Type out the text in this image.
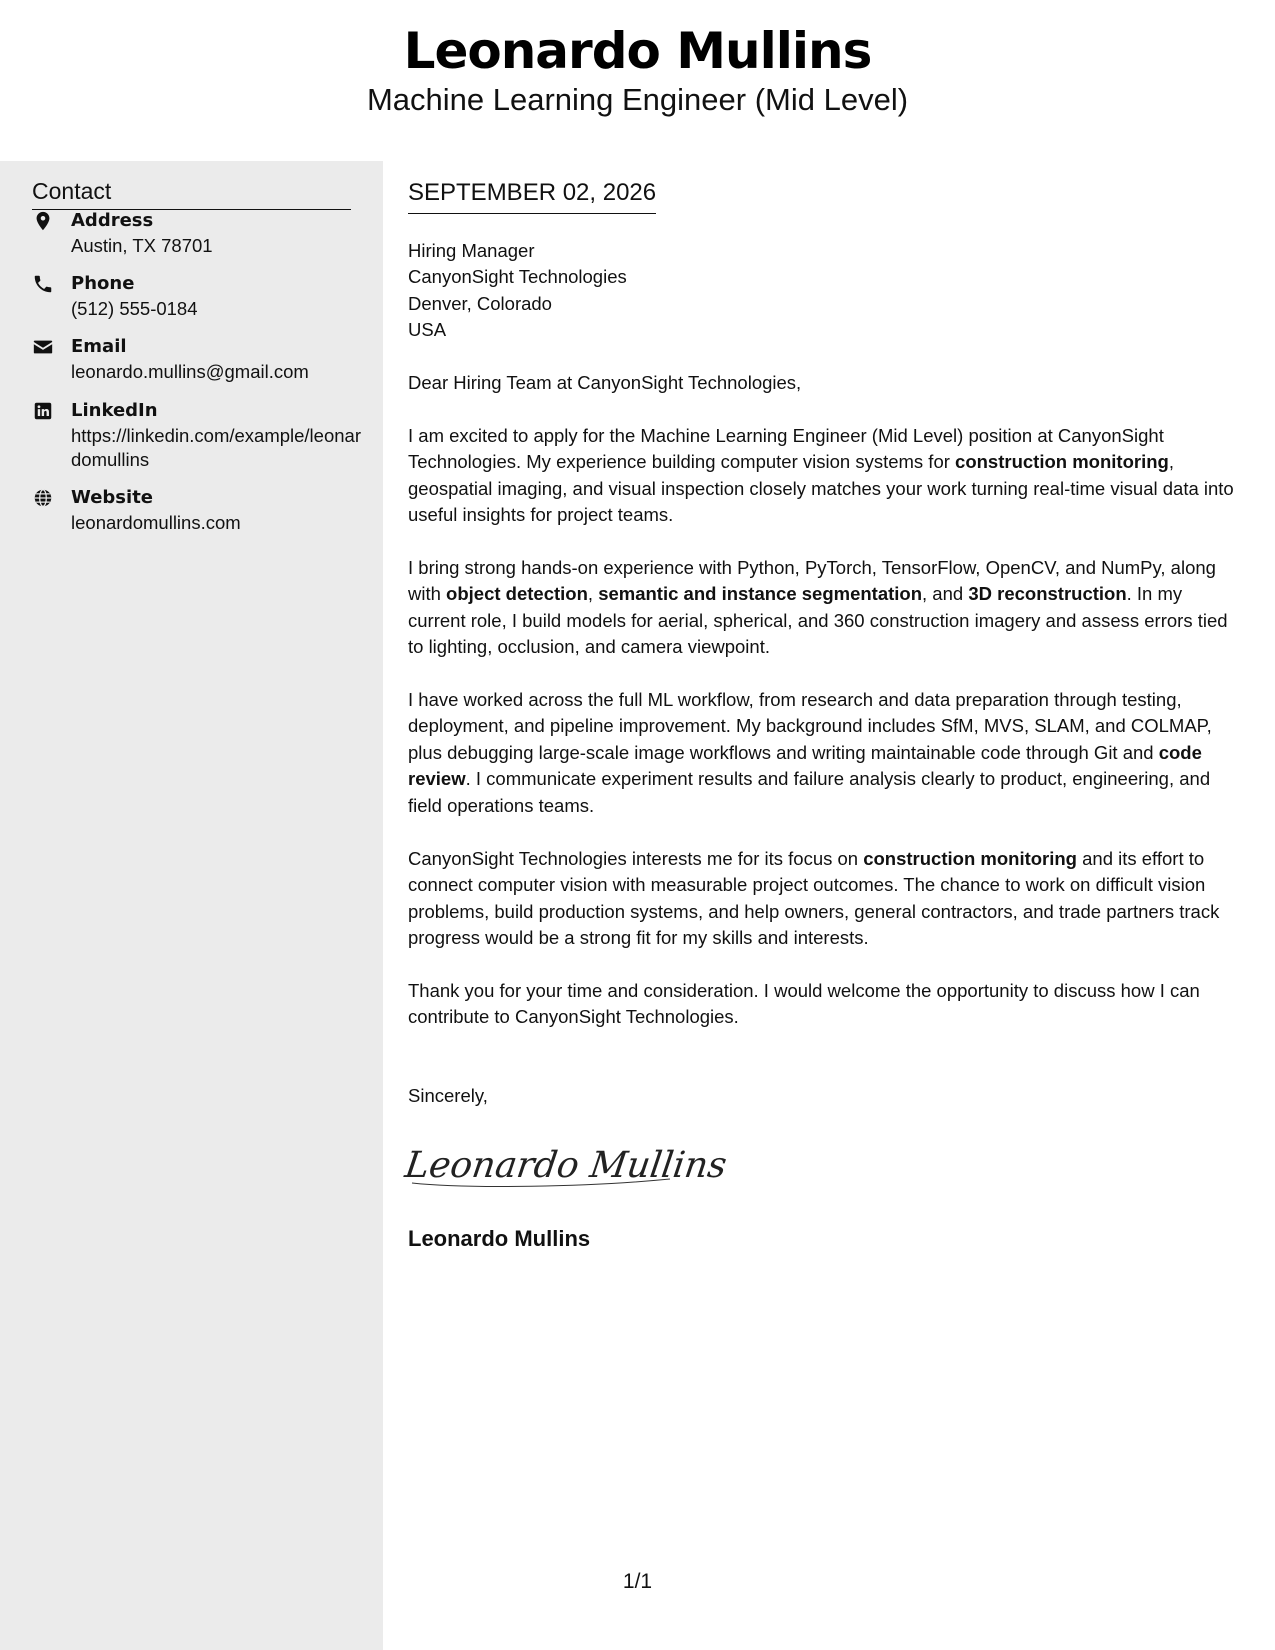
Leonardo Mullins
Machine Learning Engineer (Mid Level)
Contact
Address
Austin, TX 78701
Phone
(512) 555-0184
Email
leonardo.mullins@gmail.com
LinkedIn
https://linkedin.com/example/leonardomullins
Website
leonardomullins.com
SEPTEMBER 02, 2026
Hiring Manager
CanyonSight Technologies
Denver, Colorado
USA
Dear Hiring Team at CanyonSight Technologies,

I am excited to apply for the Machine Learning Engineer (Mid Level) position at CanyonSight Technologies. My experience building computer vision systems for construction monitoring, geospatial imaging, and visual inspection closely matches your work turning real-time visual data into useful insights for project teams.

I bring strong hands-on experience with Python, PyTorch, TensorFlow, OpenCV, and NumPy, along with object detection, semantic and instance segmentation, and 3D reconstruction. In my current role, I build models for aerial, spherical, and 360 construction imagery and assess errors tied to lighting, occlusion, and camera viewpoint.

I have worked across the full ML workflow, from research and data preparation through testing, deployment, and pipeline improvement. My background includes SfM, MVS, SLAM, and COLMAP, plus debugging large-scale image workflows and writing maintainable code through Git and code review. I communicate experiment results and failure analysis clearly to product, engineering, and field operations teams.

CanyonSight Technologies interests me for its focus on construction monitoring and its effort to connect computer vision with measurable project outcomes. The chance to work on difficult vision problems, build production systems, and help owners, general contractors, and trade partners track progress would be a strong fit for my skills and interests.

Thank you for your time and consideration. I would welcome the opportunity to discuss how I can contribute to CanyonSight Technologies.

Sincerely,
Leonardo Mullins
Leonardo Mullins
1/1
